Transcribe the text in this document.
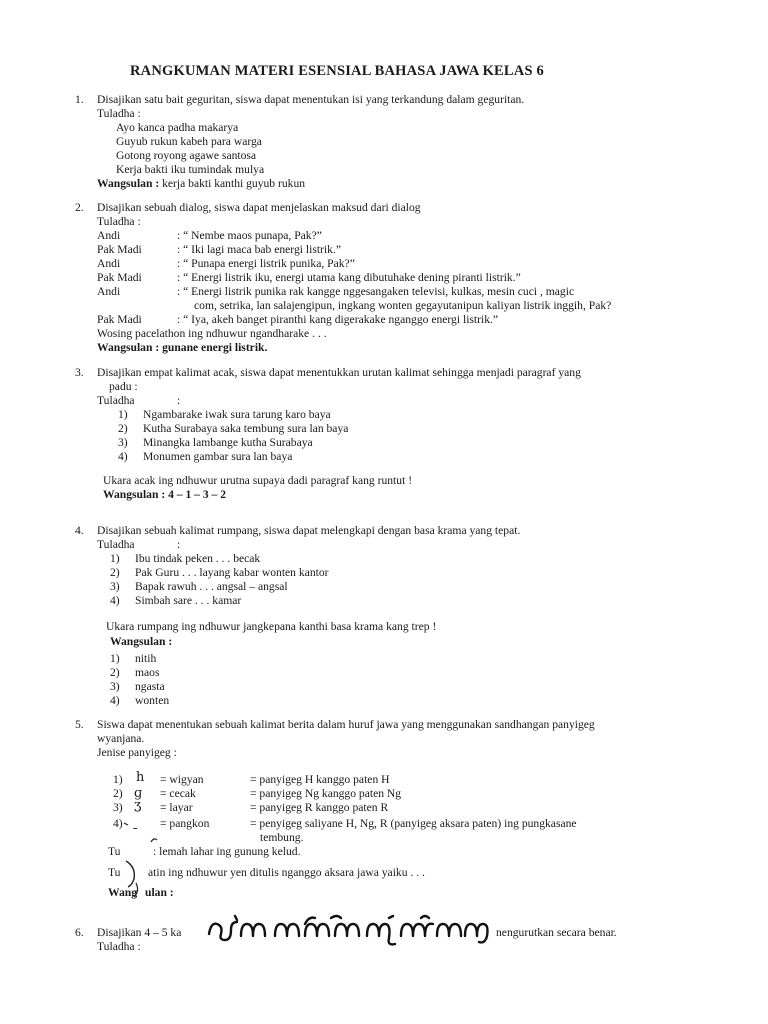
RANGKUMAN MATERI ESENSIAL BAHASA JAWA KELAS 6
1. Disajikan satu bait geguritan, siswa dapat menentukan isi yang terkandung dalam geguritan.
Tuladha :
Ayo kanca padha makarya
Guyub rukun kabeh para warga
Gotong royong agawe santosa
Kerja bakti iku tumindak mulya
Wangsulan : kerja bakti kanthi guyub rukun
2. Disajikan sebuah dialog, siswa dapat menjelaskan maksud dari dialog
Tuladha :
Andi	: “ Nembe maos punapa, Pak?”
Pak Madi	: “ Iki lagi maca bab energi listrik.”
Andi	: “ Punapa energi listrik punika, Pak?”
Pak Madi	: “ Energi listrik iku, energi utama kang dibutuhake dening piranti listrik.”
Andi	: “ Energi listrik punika rak kangge nggesangaken televisi, kulkas, mesin cuci , magic
com, setrika, lan salajengipun, ingkang wonten gegayutanipun kaliyan listrik inggih, Pak?
Pak Madi	: “ Iya, akeh banget piranthi kang digerakake nganggo energi listrik.”
Wosing pacelathon ing ndhuwur ngandharake . . .
Wangsulan : gunane energi listrik.
3. Disajikan empat kalimat acak, siswa dapat menentukkan urutan kalimat sehingga menjadi paragraf yang
padu :
Tuladha	:
1)	Ngambarake iwak sura tarung karo baya
2)	Kutha Surabaya saka tembung sura lan baya
3)	Minangka lambange kutha Surabaya
4)	Monumen gambar sura lan baya
Ukara acak ing ndhuwur urutna supaya dadi paragraf kang runtut !
Wangsulan : 4 – 1 – 3 – 2
4. Disajikan sebuah kalimat rumpang, siswa dapat melengkapi dengan basa krama yang tepat.
Tuladha	:
1)	Ibu tindak peken . . . becak
2)	Pak Guru . . . layang kabar wonten kantor
3)	Bapak rawuh . . . angsal – angsal
4)	Simbah sare . . . kamar
Ukara rumpang ing ndhuwur jangkepana kanthi basa krama kang trep !
Wangsulan :
1)	nitih
2)	maos
3)	ngasta
4)	wonten
5. Siswa dapat menentukan sebuah kalimat berita dalam huruf jawa yang menggunakan sandhangan panyigeg
wyanjana.
Jenise panyigeg :
1)	h = wigyan	= panyigeg H kanggo paten H
2) ɡ = cecak	= panyigeg Ng kanggo paten Ng
3) ʒ = layar	= panyigeg R kanggo paten R
4) ˍ = pangkon	= penyigeg saliyane H, Ng, R (panyigeg aksara paten) ing pungkasane
tembung.
Tu	: lemah lahar ing gunung kelud.
Tu atin ing ndhuwur yen ditulis nganggo aksara jawa yaiku . . .
Wang ulan :
6. Disajikan 4 – 5 ka	nengurutkan secara benar.
Tuladha :
